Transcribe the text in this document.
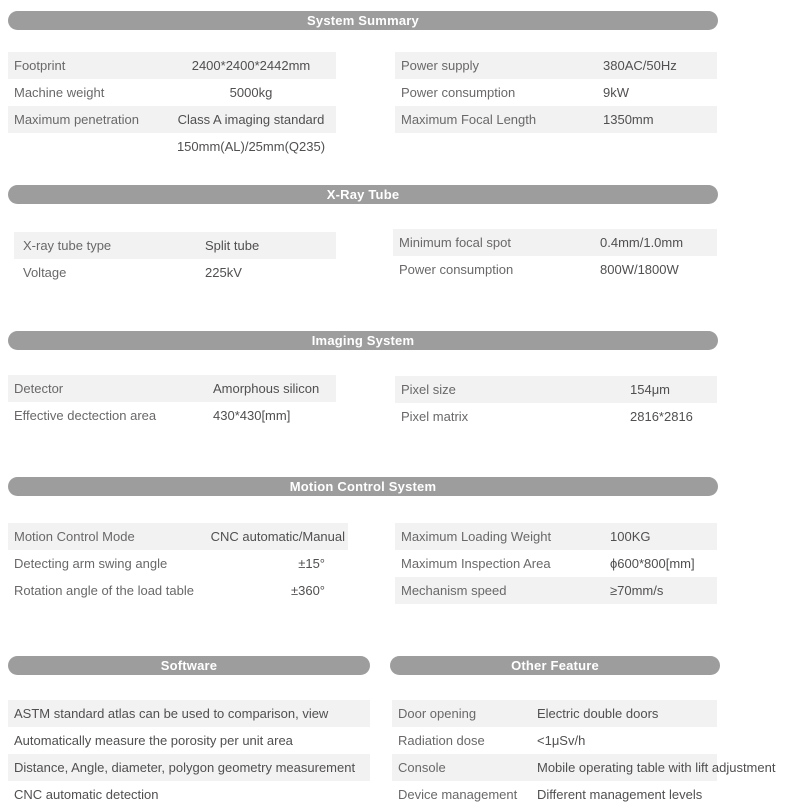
System Summary
Footprint	2400*2400*2442mm
Machine weight	5000kg
Maximum penetration	Class A imaging standard
150mm(AL)/25mm(Q235)
Power supply	380AC/50Hz
Power consumption	9kW
Maximum Focal Length	1350mm
X-Ray Tube
X-ray tube type	Split tube
Voltage	225kV
Minimum focal spot	0.4mm/1.0mm
Power consumption	800W/1800W
Imaging System
Detector	Amorphous silicon
Effective dectection area	430*430[mm]
Pixel size	154μm
Pixel matrix	2816*2816
Motion Control System
Motion Control Mode	CNC automatic/Manual
Detecting arm swing angle	±15°
Rotation angle of the load table	±360°
Maximum Loading Weight	100KG
Maximum Inspection Area	ϕ600*800[mm]
Mechanism speed	≥70mm/s
Software
ASTM standard atlas can be used to comparison, view
Automatically measure the porosity per unit area
Distance, Angle, diameter, polygon geometry measurement
CNC automatic detection
Other Feature
Door opening	Electric double doors
Radiation dose	<1μSv/h
Console	Mobile operating table with lift adjustment
Device management	Different management levels
